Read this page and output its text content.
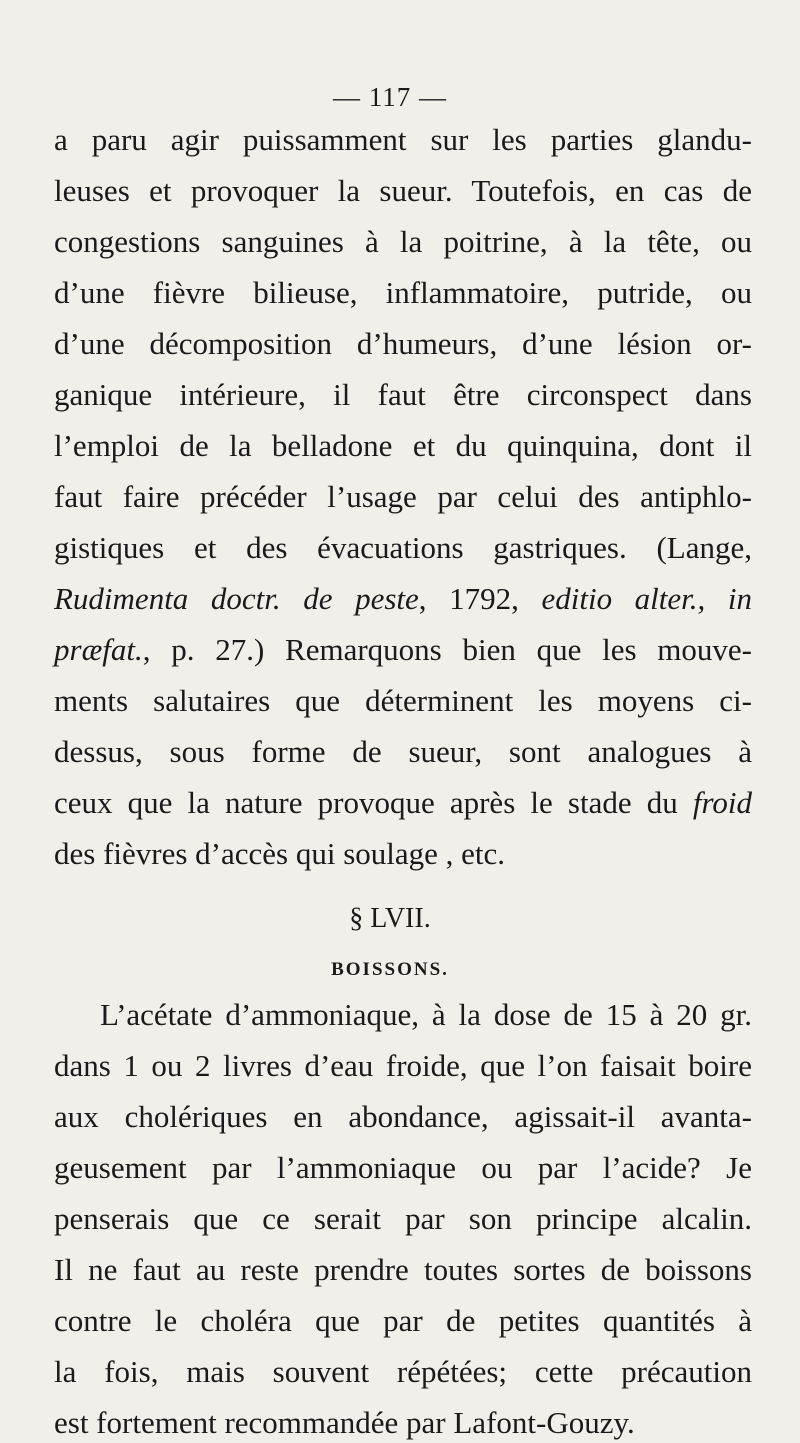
— 117 —
a paru agir puissamment sur les parties glandu-
leuses et provoquer la sueur. Toutefois, en cas de
congestions sanguines à la poitrine, à la tête, ou
d’une fièvre bilieuse, inflammatoire, putride, ou
d’une décomposition d’humeurs, d’une lésion or-
ganique intérieure, il faut être circonspect dans
l’emploi de la belladone et du quinquina, dont il
faut faire précéder l’usage par celui des antiphlo-
gistiques et des évacuations gastriques. (Lange,
Rudimenta doctr. de peste, 1792, editio alter., in
præfat., p. 27.) Remarquons bien que les mouve-
ments salutaires que déterminent les moyens ci-
dessus, sous forme de sueur, sont analogues à
ceux que la nature provoque après le stade du froid
des fièvres d’accès qui soulage , etc.
§ LVII.
BOISSONS.
L’acétate d’ammoniaque, à la dose de 15 à 20 gr.
dans 1 ou 2 livres d’eau froide, que l’on faisait boire
aux cholériques en abondance, agissait-il avanta-
geusement par l’ammoniaque ou par l’acide? Je
penserais que ce serait par son principe alcalin.
Il ne faut au reste prendre toutes sortes de boissons
contre le choléra que par de petites quantités à
la fois, mais souvent répétées; cette précaution
est fortement recommandée par Lafont-Gouzy.
